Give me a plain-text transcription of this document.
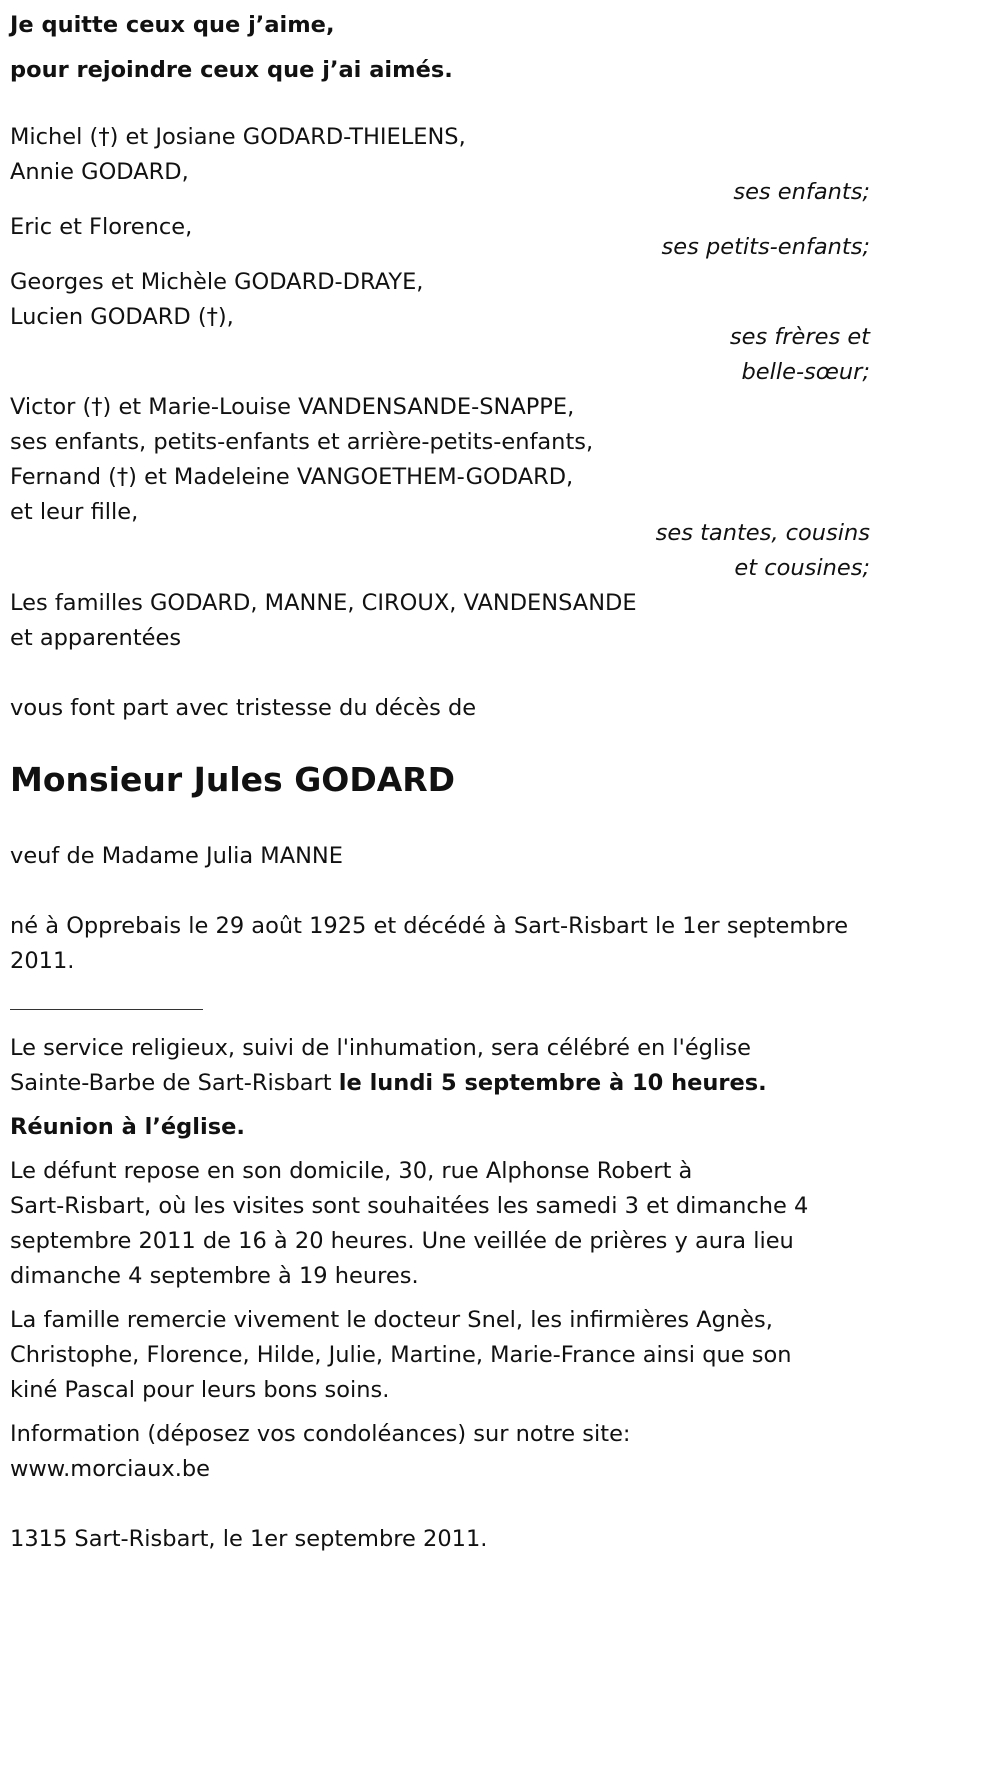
Je quitte ceux que j’aime,
pour rejoindre ceux que j’ai aimés.
Michel (†) et Josiane GODARD-THIELENS,
Annie GODARD,
ses enfants;
Eric et Florence,
ses petits-enfants;
Georges et Michèle GODARD-DRAYE,
Lucien GODARD (†),
ses frères et
belle-sœur;
Victor (†) et Marie-Louise VANDENSANDE-SNAPPE,
ses enfants, petits-enfants et arrière-petits-enfants,
Fernand (†) et Madeleine VANGOETHEM-GODARD,
et leur fille,
ses tantes, cousins
et cousines;
Les familles GODARD, MANNE, CIROUX, VANDENSANDE
et apparentées
vous font part avec tristesse du décès de
Monsieur Jules GODARD
veuf de Madame Julia MANNE
né à Opprebais le 29 août 1925 et décédé à Sart-Risbart le 1er septembre
2011.
Le service religieux, suivi de l'inhumation, sera célébré en l'église
Sainte-Barbe de Sart-Risbart le lundi 5 septembre à 10 heures.
Réunion à l’église.
Le défunt repose en son domicile, 30, rue Alphonse Robert à
Sart-Risbart, où les visites sont souhaitées les samedi 3 et dimanche 4
septembre 2011 de 16 à 20 heures. Une veillée de prières y aura lieu
dimanche 4 septembre à 19 heures.
La famille remercie vivement le docteur Snel, les infirmières Agnès,
Christophe, Florence, Hilde, Julie, Martine, Marie-France ainsi que son
kiné Pascal pour leurs bons soins.
Information (déposez vos condoléances) sur notre site:
www.morciaux.be
1315 Sart-Risbart, le 1er septembre 2011.
